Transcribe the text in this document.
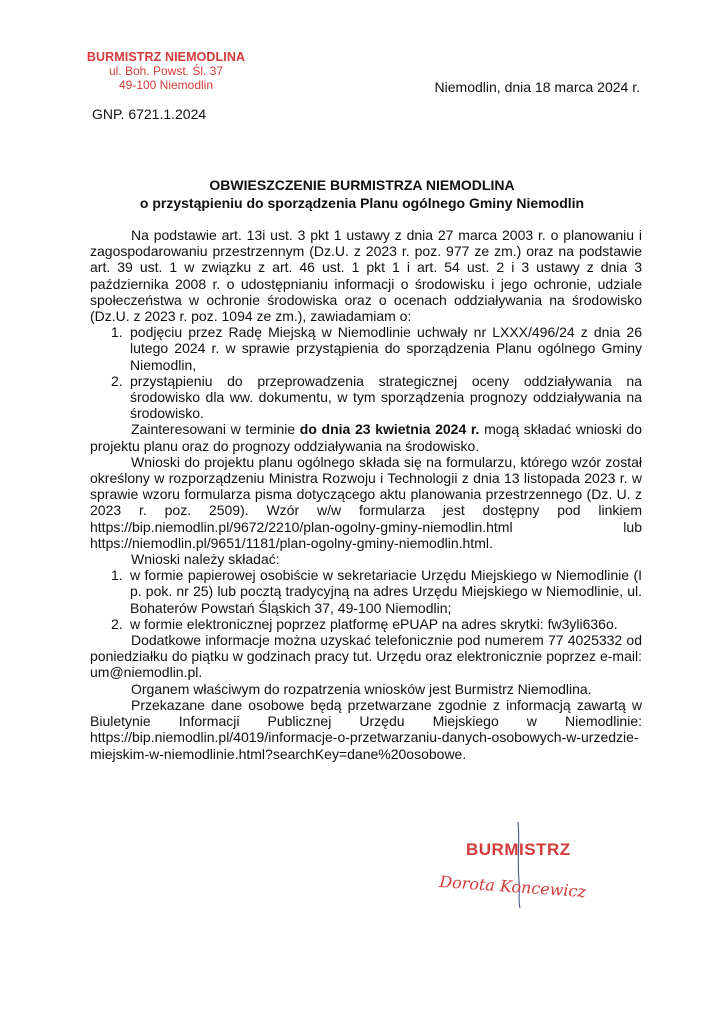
BURMISTRZ NIEMODLINA
ul. Boh. Powst. Śl. 37
49-100 Niemodlin	Niemodlin, dnia 18 marca 2024 r.
GNP. 6721.1.2024
OBWIESZCZENIE BURMISTRZA NIEMODLINA
o przystąpieniu do sporządzenia Planu ogólnego Gminy Niemodlin

Na podstawie art. 13i ust. 3 pkt 1 ustawy z dnia 27 marca 2003 r. o planowaniu i zagospodarowaniu przestrzennym (Dz.U. z 2023 r. poz. 977 ze zm.) oraz na podstawie art. 39 ust. 1 w związku z art. 46 ust. 1 pkt 1 i art. 54 ust. 2 i 3 ustawy z dnia 3 października 2008 r. o udostępnianiu informacji o środowisku i jego ochronie, udziale społeczeństwa w ochronie środowiska oraz o ocenach oddziaływania na środowisko (Dz.U. z 2023 r. poz. 1094 ze zm.), zawiadamiam o:

1. podjęciu przez Radę Miejską w Niemodlinie uchwały nr LXXX/496/24 z dnia 26 lutego 2024 r. w sprawie przystąpienia do sporządzenia Planu ogólnego Gminy Niemodlin,
2. przystąpieniu do przeprowadzenia strategicznej oceny oddziaływania na środowisko dla ww. dokumentu, w tym sporządzenia prognozy oddziaływania na środowisko.

Zainteresowani w terminie do dnia 23 kwietnia 2024 r. mogą składać wnioski do projektu planu oraz do prognozy oddziaływania na środowisko.

Wnioski do projektu planu ogólnego składa się na formularzu, którego wzór został określony w rozporządzeniu Ministra Rozwoju i Technologii z dnia 13 listopada 2023 r. w sprawie wzoru formularza pisma dotyczącego aktu planowania przestrzennego (Dz. U. z 2023 r. poz. 2509). Wzór w/w formularza jest dostępny pod linkiem https://bip.niemodlin.pl/9672/2210/plan-ogolny-gminy-niemodlin.html lub https://niemodlin.pl/9651/1181/plan-ogolny-gminy-niemodlin.html.

Wnioski należy składać:

1. w formie papierowej osobiście w sekretariacie Urzędu Miejskiego w Niemodlinie (I p. pok. nr 25) lub pocztą tradycyjną na adres Urzędu Miejskiego w Niemodlinie, ul. Bohaterów Powstań Śląskich 37, 49-100 Niemodlin;
2. w formie elektronicznej poprzez platformę ePUAP na adres skrytki: fw3yli636o.

Dodatkowe informacje można uzyskać telefonicznie pod numerem 77 4025332 od poniedziałku do piątku w godzinach pracy tut. Urzędu oraz elektronicznie poprzez e-mail: um@niemodlin.pl.

Organem właściwym do rozpatrzenia wniosków jest Burmistrz Niemodlina.

Przekazane dane osobowe będą przetwarzane zgodnie z informacją zawartą w Biuletynie Informacji Publicznej Urzędu Miejskiego w Niemodlinie: https://bip.niemodlin.pl/4019/informacje-o-przetwarzaniu-danych-osobowych-w-urzedzie-miejskim-w-niemodlinie.html?searchKey=dane%20osobowe.

BURMISTRZ
Dorota Koncewicz
